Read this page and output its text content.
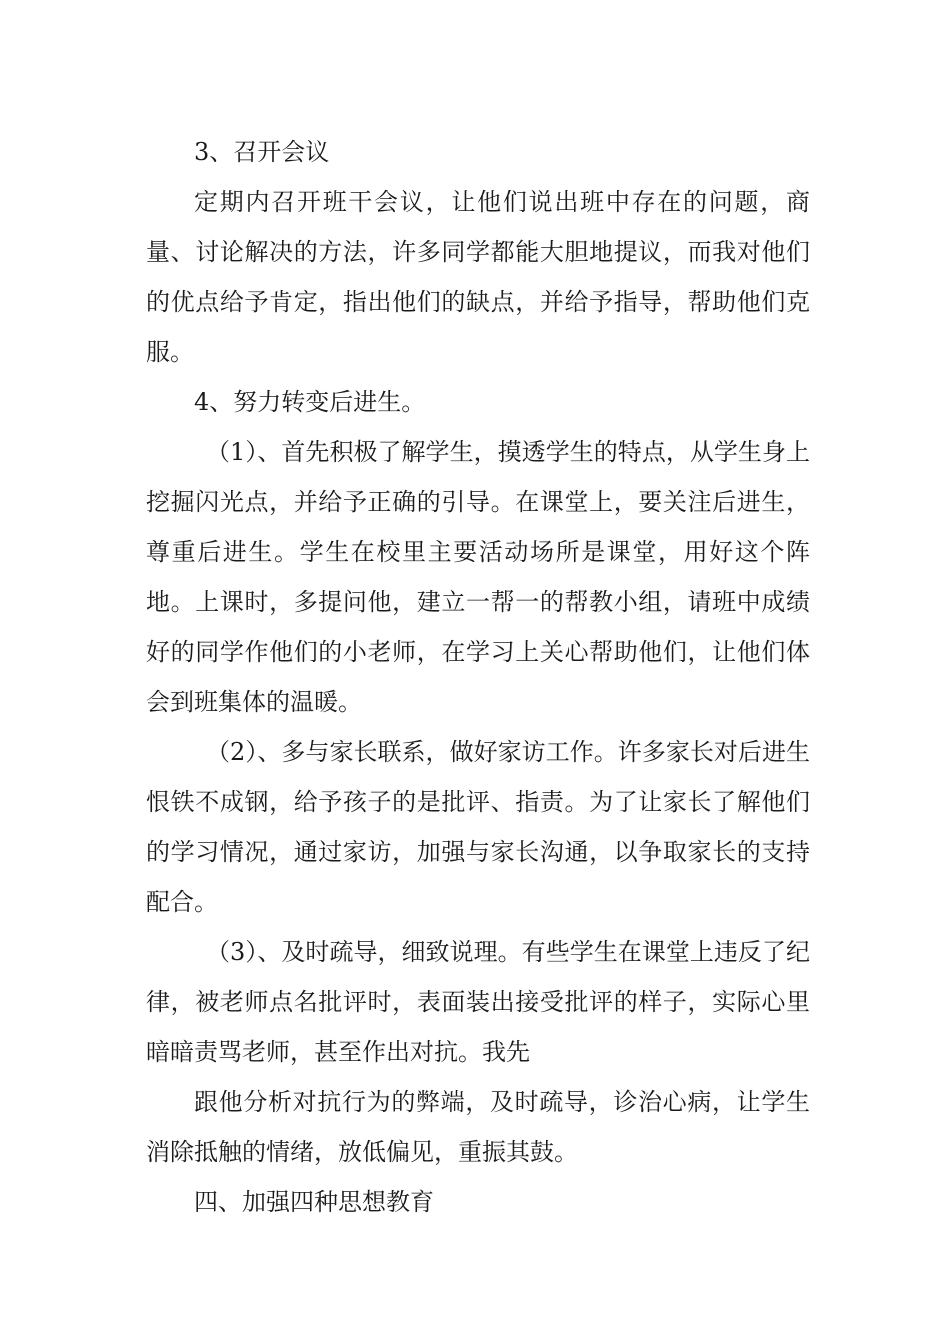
3、召开会议

定期内召开班干会议，让他们说出班中存在的问题，商量、讨论解决的方法，许多同学都能大胆地提议，而我对他们的优点给予肯定，指出他们的缺点，并给予指导，帮助他们克服。

4、努力转变后进生。

（1）、首先积极了解学生，摸透学生的特点，从学生身上挖掘闪光点，并给予正确的引导。在课堂上，要关注后进生，尊重后进生。学生在校里主要活动场所是课堂，用好这个阵地。上课时，多提问他，建立一帮一的帮教小组，请班中成绩好的同学作他们的小老师，在学习上关心帮助他们，让他们体会到班集体的温暖。

（2）、多与家长联系，做好家访工作。许多家长对后进生恨铁不成钢，给予孩子的是批评、指责。为了让家长了解他们的学习情况，通过家访，加强与家长沟通，以争取家长的支持配合。

（3）、及时疏导，细致说理。有些学生在课堂上违反了纪律，被老师点名批评时，表面装出接受批评的样子，实际心里暗暗责骂老师，甚至作出对抗。我先

跟他分析对抗行为的弊端，及时疏导，诊治心病，让学生消除抵触的情绪，放低偏见，重振其鼓。

四、加强四种思想教育
